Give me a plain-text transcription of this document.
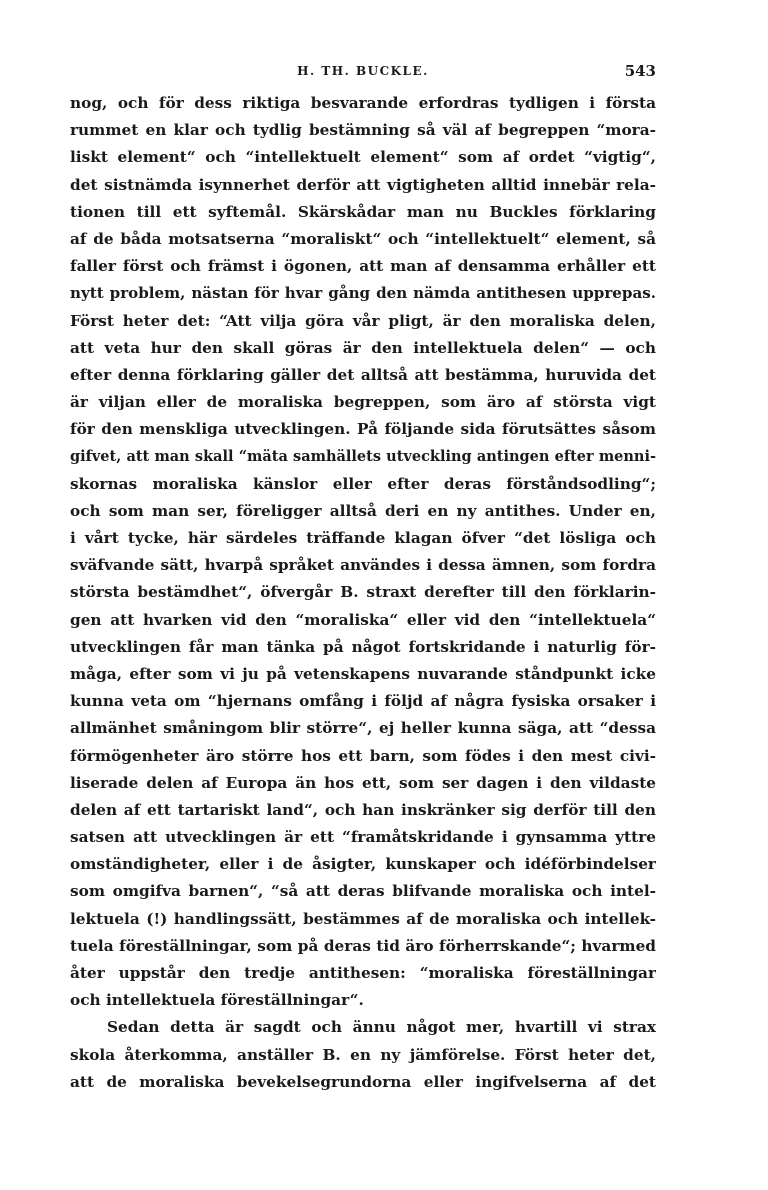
H. TH. BUCKLE.	543
nog, och för dess riktiga besvarande erfordras tydligen i första
rummet en klar och tydlig bestämning så väl af begreppen “mora-
liskt element“ och “intellektuelt element“ som af ordet “vigtig“,
det sistnämda isynnerhet derför att vigtigheten alltid innebär rela-
tionen till ett syftemål. Skärskådar man nu Buckles förklaring
af de båda motsatserna “moraliskt“ och “intellektuelt“ element, så
faller först och främst i ögonen, att man af densamma erhåller ett
nytt problem, nästan för hvar gång den nämda antithesen upprepas.
Först heter det: “Att vilja göra vår pligt, är den moraliska delen,
att veta hur den skall göras är den intellektuela delen“ — och
efter denna förklaring gäller det alltså att bestämma, huruvida det
är viljan eller de moraliska begreppen, som äro af största vigt
för den menskliga utvecklingen. På följande sida förutsättes såsom
gifvet, att man skall “mäta samhällets utveckling antingen efter menni-
skornas moraliska känslor eller efter deras förståndsodling“;
och som man ser, föreligger alltså deri en ny antithes. Under en,
i vårt tycke, här särdeles träffande klagan öfver “det lösliga och
sväfvande sätt, hvarpå språket användes i dessa ämnen, som fordra
största bestämdhet“, öfvergår B. straxt derefter till den förklarin-
gen att hvarken vid den “moraliska“ eller vid den “intellektuela“
utvecklingen får man tänka på något fortskridande i naturlig för-
måga, efter som vi ju på vetenskapens nuvarande ståndpunkt icke
kunna veta om “hjernans omfång i följd af några fysiska orsaker i
allmänhet småningom blir större“, ej heller kunna säga, att “dessa
förmögenheter äro större hos ett barn, som födes i den mest civi-
liserade delen af Europa än hos ett, som ser dagen i den vildaste
delen af ett tartariskt land“, och han inskränker sig derför till den
satsen att utvecklingen är ett “framåtskridande i gynsamma yttre
omständigheter, eller i de åsigter, kunskaper och idéförbindelser
som omgifva barnen“, “så att deras blifvande moraliska och intel-
lektuela (!) handlingssätt, bestämmes af de moraliska och intellek-
tuela föreställningar, som på deras tid äro förherrskande“; hvarmed
åter uppstår den tredje antithesen: “moraliska föreställningar
och intellektuela föreställningar“.
Sedan detta är sagdt och ännu något mer, hvartill vi strax
skola återkomma, anställer B. en ny jämförelse. Först heter det,
att de moraliska bevekelsegrundorna eller ingifvelserna af det
